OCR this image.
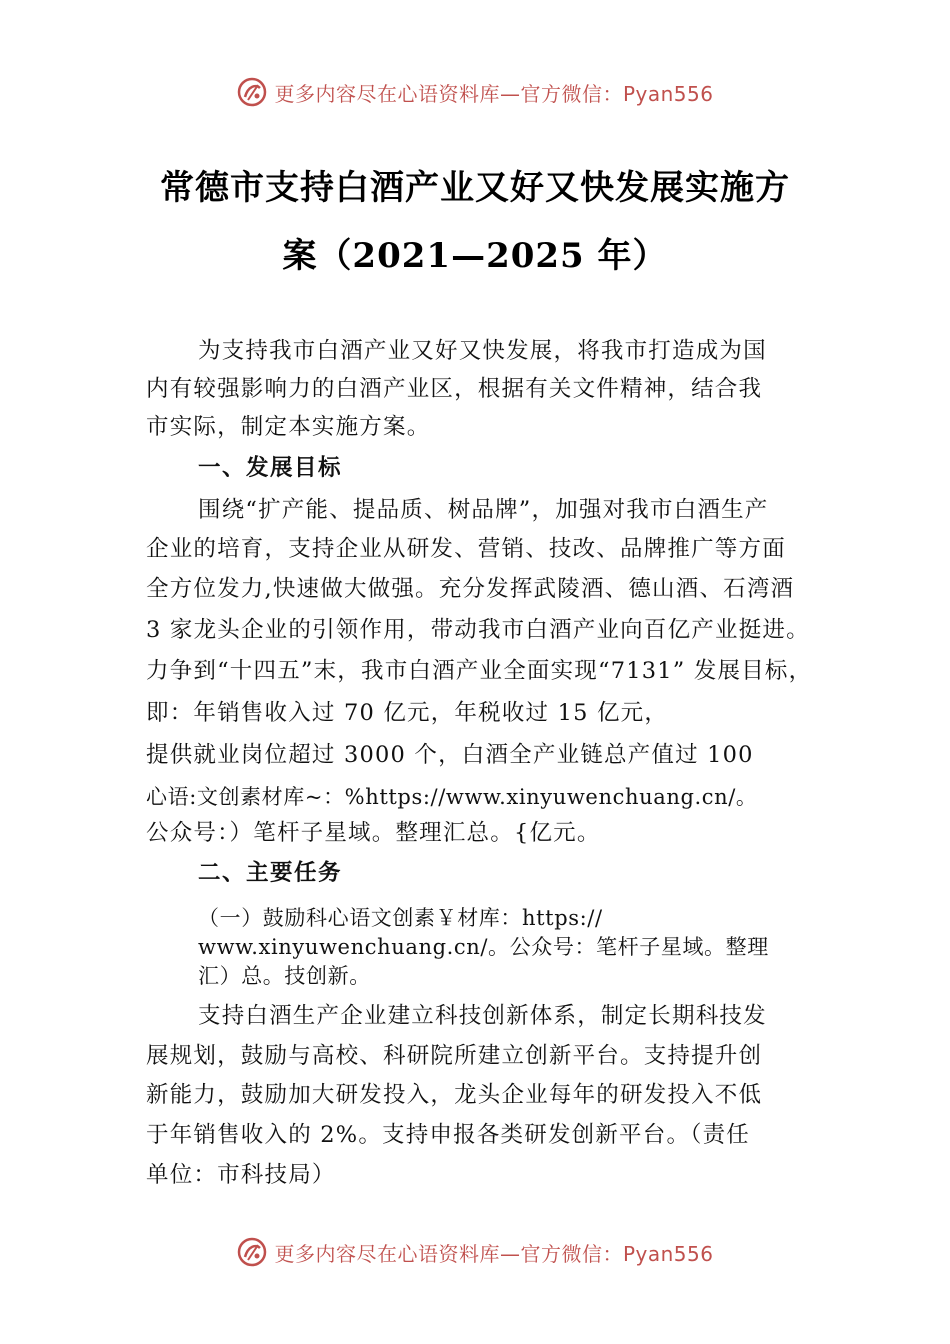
更多内容尽在心语资料库—官方微信：Pyan556
常德市支持白酒产业又好又快发展实施方
案（2021—2025 年）
为支持我市白酒产业又好又快发展，将我市打造成为国
内有较强影响力的白酒产业区，根据有关文件精神，结合我
市实际，制定本实施方案。
一、发展目标
围绕“扩产能、提品质、树品牌”，加强对我市白酒生产
企业的培育，支持企业从研发、营销、技改、品牌推广等方面
全方位发力,快速做大做强。充分发挥武陵酒、德山酒、石湾酒
3 家龙头企业的引领作用，带动我市白酒产业向百亿产业挺进。
力争到“十四五”末，我市白酒产业全面实现“7131” 发展目标，
即：年销售收入过 70 亿元，年税收过 15 亿元，
提供就业岗位超过 3000 个，白酒全产业链总产值过 100
心语:文创素材库~：%https://www.xinyuwenchuang.cn/。
公众号：）笔杆子星域。整理汇总。{亿元。
二、主要任务
（一）鼓励科心语文创素￥材库：https://
www.xinyuwenchuang.cn/。公众号：笔杆子星域。整理
汇）总。技创新。
支持白酒生产企业建立科技创新体系，制定长期科技发
展规划，鼓励与高校、科研院所建立创新平台。支持提升创
新能力，鼓励加大研发投入，龙头企业每年的研发投入不低
于年销售收入的 2%。支持申报各类研发创新平台。（责任
单位：市科技局）
更多内容尽在心语资料库—官方微信：Pyan556
